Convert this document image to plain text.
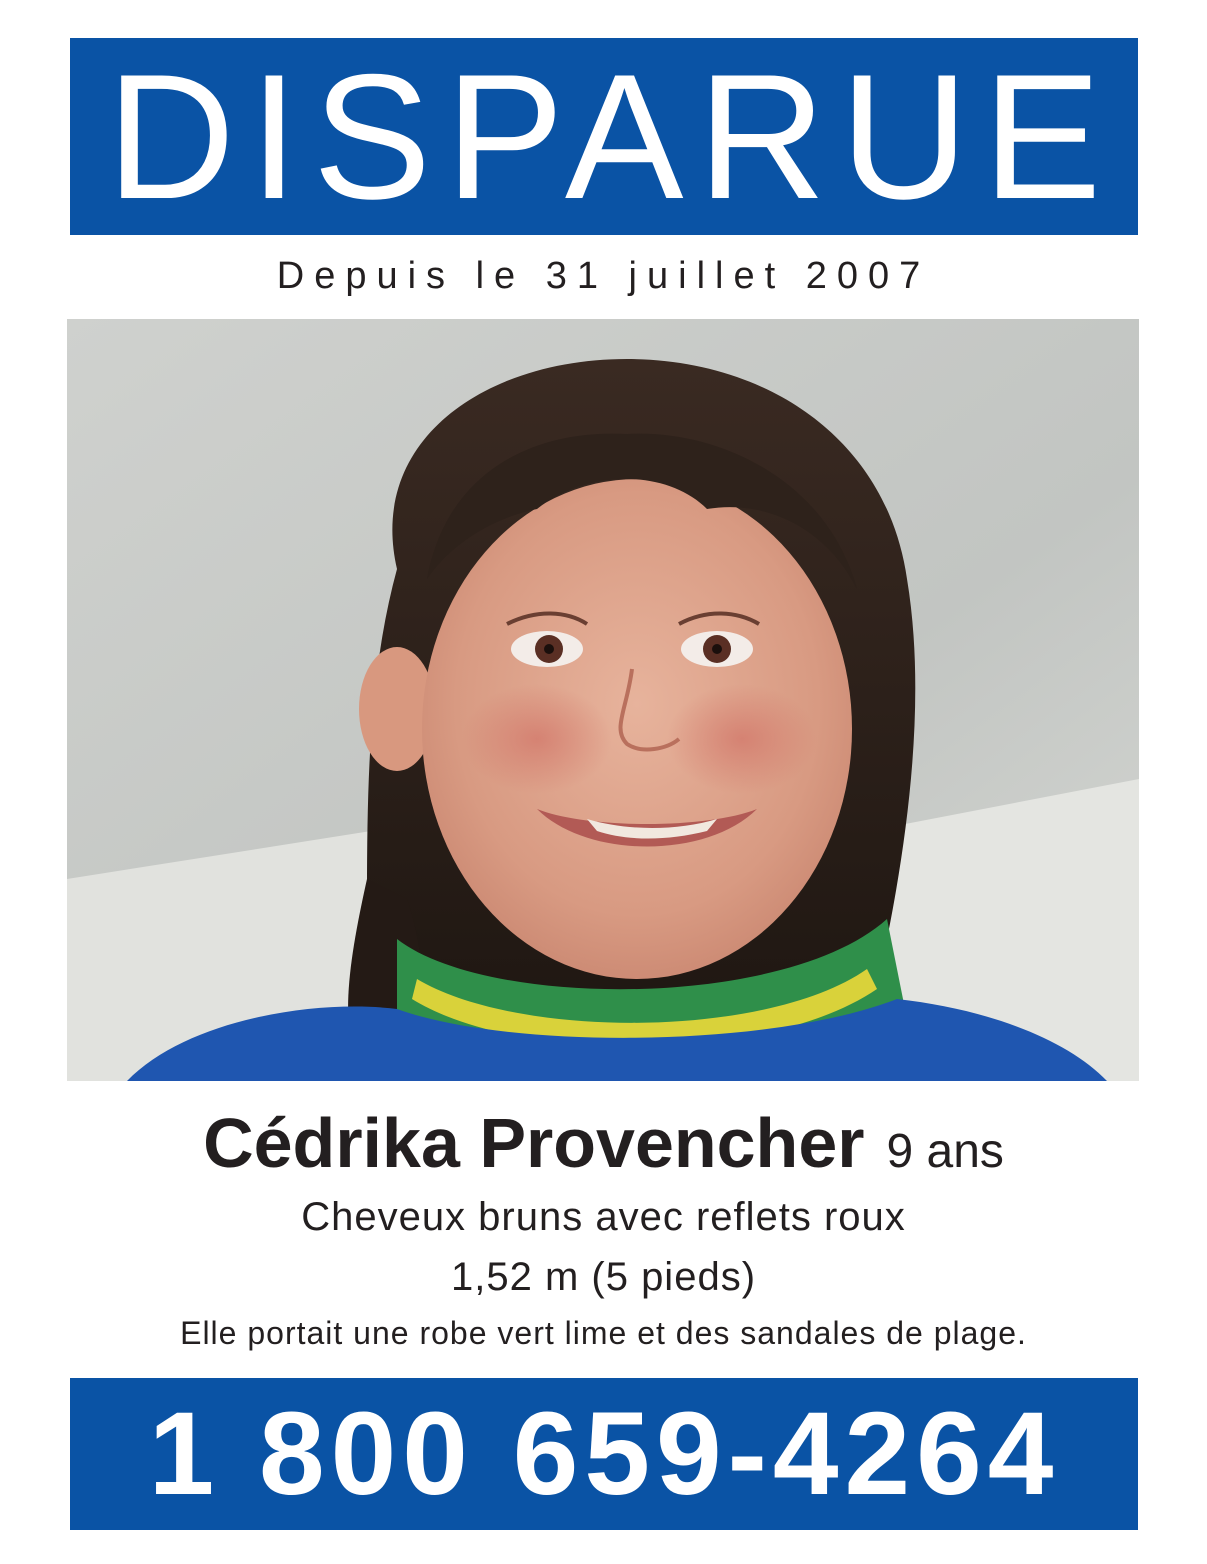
DISPARUE
Depuis le 31 juillet 2007
Cédrika Provencher 9 ans
Cheveux bruns avec reflets roux
1,52 m (5 pieds)
Elle portait une robe vert lime et des sandales de plage.
1 800 659-4264
